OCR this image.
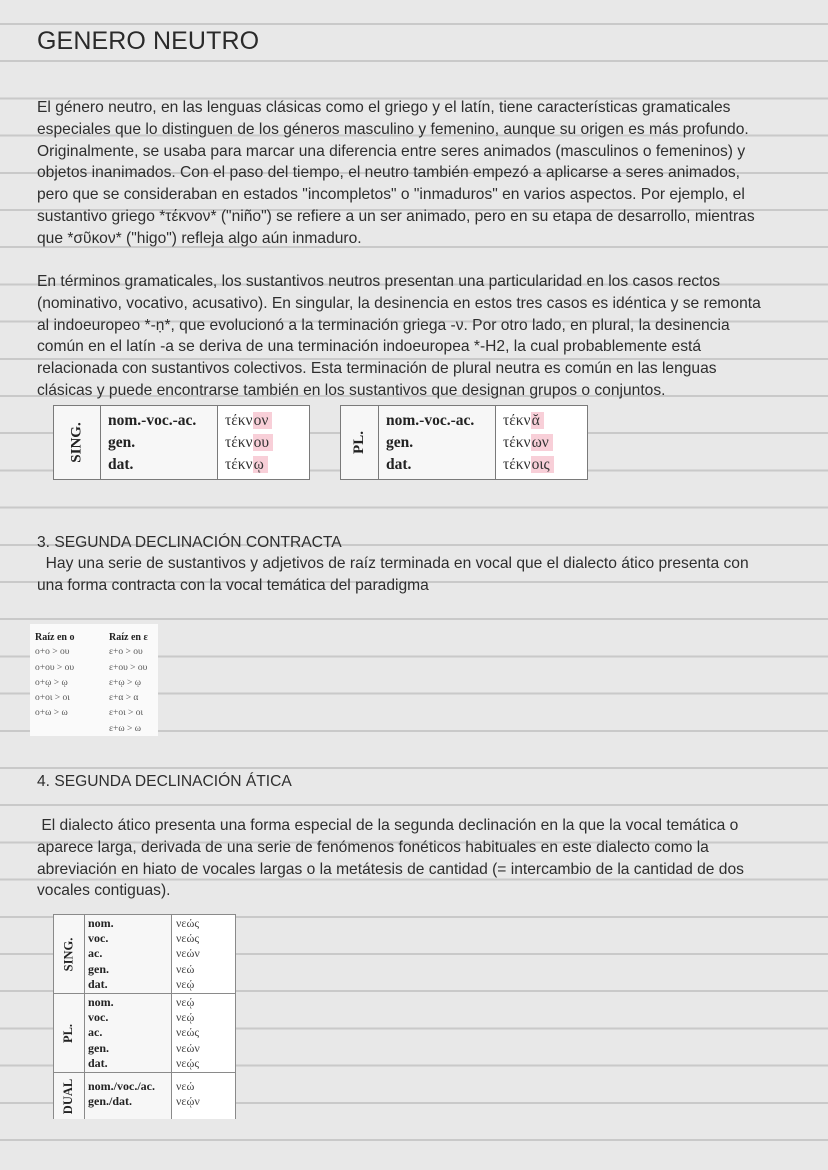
GENERO NEUTRO
El género neutro, en las lenguas clásicas como el griego y el latín, tiene características gramaticales
especiales que lo distinguen de los géneros masculino y femenino, aunque su origen es más profundo.
Originalmente, se usaba para marcar una diferencia entre seres animados (masculinos o femeninos) y
objetos inanimados. Con el paso del tiempo, el neutro también empezó a aplicarse a seres animados,
pero que se consideraban en estados "incompletos" o "inmaduros" en varios aspectos. Por ejemplo, el
sustantivo griego *τέκνον* ("niño") se refiere a un ser animado, pero en su etapa de desarrollo, mientras
que *σῦκον* ("higo") refleja algo aún inmaduro.
En términos gramaticales, los sustantivos neutros presentan una particularidad en los casos rectos
(nominativo, vocativo, acusativo). En singular, la desinencia en estos tres casos es idéntica y se remonta
al indoeuropeo *-ṇ*, que evolucionó a la terminación griega -ν. Por otro lado, en plural, la desinencia
común en el latín -a se deriva de una terminación indoeuropea *-H2, la cual probablemente está
relacionada con sustantivos colectivos. Esta terminación de plural neutra es común en las lenguas
clásicas y puede encontrarse también en los sustantivos que designan grupos o conjuntos.
SING.
nom.-voc.-ac.
gen.
dat.
τέκνον
τέκνου
τέκνῳ
PL.
nom.-voc.-ac.
gen.
dat.
τέκνᾰ
τέκνων
τέκνοις
3. SEGUNDA DECLINACIÓN CONTRACTA
Hay una serie de sustantivos y adjetivos de raíz terminada en vocal que el dialecto ático presenta con
una forma contracta con la vocal temática del paradigma
Raíz en ο
ο+ο > ου
ο+ου > ου
ο+ῳ > ῳ
ο+οι > οι
ο+ω > ω
Raíz en ε
ε+ο > ου
ε+ου > ου
ε+ῳ > ῳ
ε+α > α
ε+οι > οι
ε+ω > ω
4. SEGUNDA DECLINACIÓN ÁTICA
El dialecto ático presenta una forma especial de la segunda declinación en la que la vocal temática o
aparece larga, derivada de una serie de fenómenos fonéticos habituales en este dialecto como la
abreviación en hiato de vocales largas o la metátesis de cantidad (= intercambio de la cantidad de dos
vocales contiguas).
SING.
nom.
voc.
ac.
gen.
dat.
νεώς
νεώς
νεών
νεώ
νεῴ
PL.
nom.
voc.
ac.
gen.
dat.
νεῴ
νεῴ
νεώς
νεών
νεῴς
DUAL nom./voc./ac.
gen./dat.
νεώ
νεῴν
